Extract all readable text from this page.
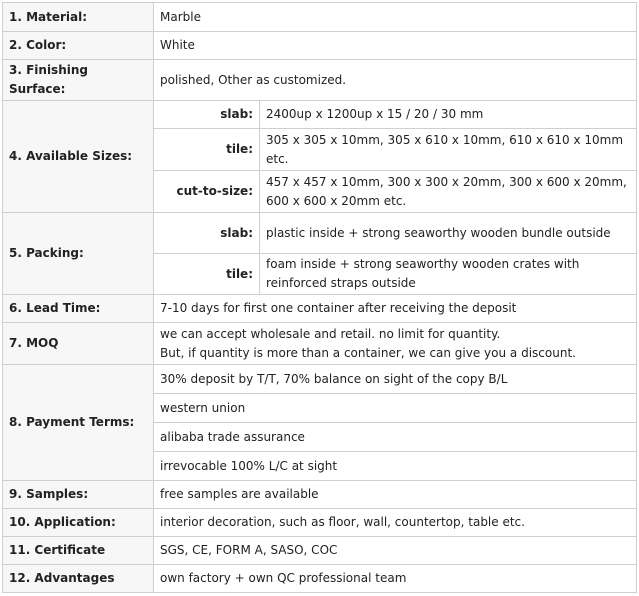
1. Material:	Marble	
2. Color:	White	
3. Finishing Surface:	polished, Other as customized.	
4. Available Sizes:	slab:	2400up x 1200up x 15 / 20 / 30 mm
	tile:	305 x 305 x 10mm, 305 x 610 x 10mm, 610 x 610 x 10mm etc.
	cut-to-size:	457 x 457 x 10mm, 300 x 300 x 20mm, 300 x 600 x 20mm, 600 x 600 x 20mm etc.
5. Packing:	slab:	plastic inside + strong seaworthy wooden bundle outside
	tile:	foam inside + strong seaworthy wooden crates with reinforced straps outside
6. Lead Time:	7-10 days for first one container after receiving the deposit	
7. MOQ	we can accept wholesale and retail. no limit for quantity.
But, if quantity is more than a container, we can give you a discount.	

8. Payment Terms:	30% deposit by T/T, 70% balance on sight of the copy B/L	
	western union	
	alibaba trade assurance	
	irrevocable 100% L/C at sight	
9. Samples:	free samples are available	
10. Application:	interior decoration, such as floor, wall, countertop, table etc.	
11. Certificate	SGS, CE, FORM A, SASO, COC	
12. Advantages	own factory + own QC professional team	
